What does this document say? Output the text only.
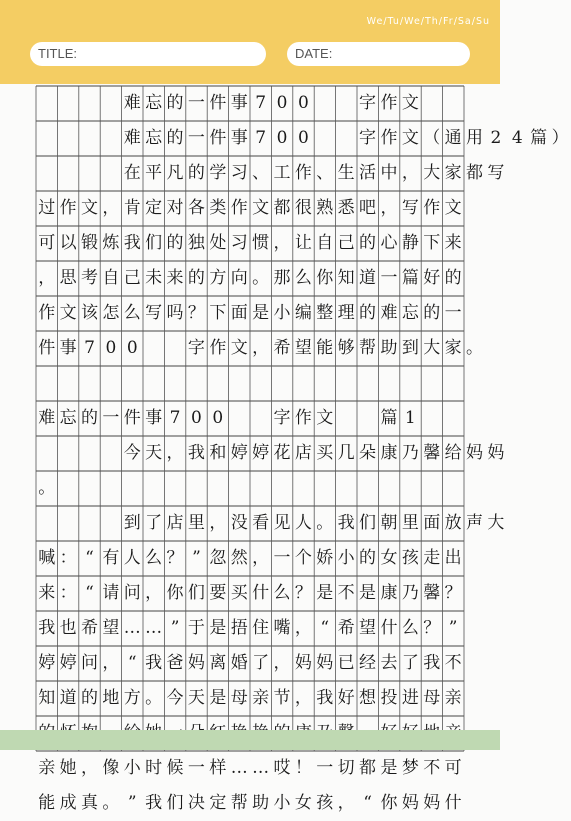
We/Tu/We/Th/Fr/Sa/Su
TITLE:	DATE:
难 忘 的 一 件 事 7 0 0	字 作 文
难 忘 的 一 件 事 7 0 0	字 作 文 （ 通 用 2 4 篇 ）
在 平 凡 的 学 习 、 工 作 、 生 活 中 ， 大 家 都 写
过 作 文 ， 肯 定 对 各 类 作 文 都 很 熟 悉 吧 ， 写 作 文
可 以 锻 炼 我 们 的 独 处 习 惯 ， 让 自 己 的 心 静 下 来
， 思 考 自 己 未 来 的 方 向 。 那 么 你 知 道 一 篇 好 的
作 文 该 怎 么 写 吗 ？ 下 面 是 小 编 整 理 的 难 忘 的 一
件 事 7 0 0	字 作 文 ， 希 望 能 够 帮 助 到 大 家 。
难 忘 的 一 件 事 7 0 0	字 作 文	篇 1
今 天 ， 我 和 婷 婷 花 店 买 几 朵 康 乃 馨 给 妈 妈
。
到 了 店 里 ， 没 看 见 人 。 我 们 朝 里 面 放 声 大
喊 ： “ 有 人 么 ？ ” 忽 然 ， 一 个 娇 小 的 女 孩 走 出
来 ： “ 请 问 ， 你 们 要 买 什 么 ？ 是 不 是 康 乃 馨 ？
我 也 希 望 … … ” 于 是 捂 住 嘴 ， “ 希 望 什 么 ？ ”
婷 婷 问 ， “ 我 爸 妈 离 婚 了 ， 妈 妈 已 经 去 了 我 不
知 道 的 地 方 。 今 天 是 母 亲 节 ， 我 好 想 投 进 母 亲
亲 她 ， 像 小 时 候 一 样 … … 哎 ！ 一 切 都 是 梦 不 可
能 成 真 。 ” 我 们 决 定 帮 助 小 女 孩 ， “ 你 妈 妈 什
